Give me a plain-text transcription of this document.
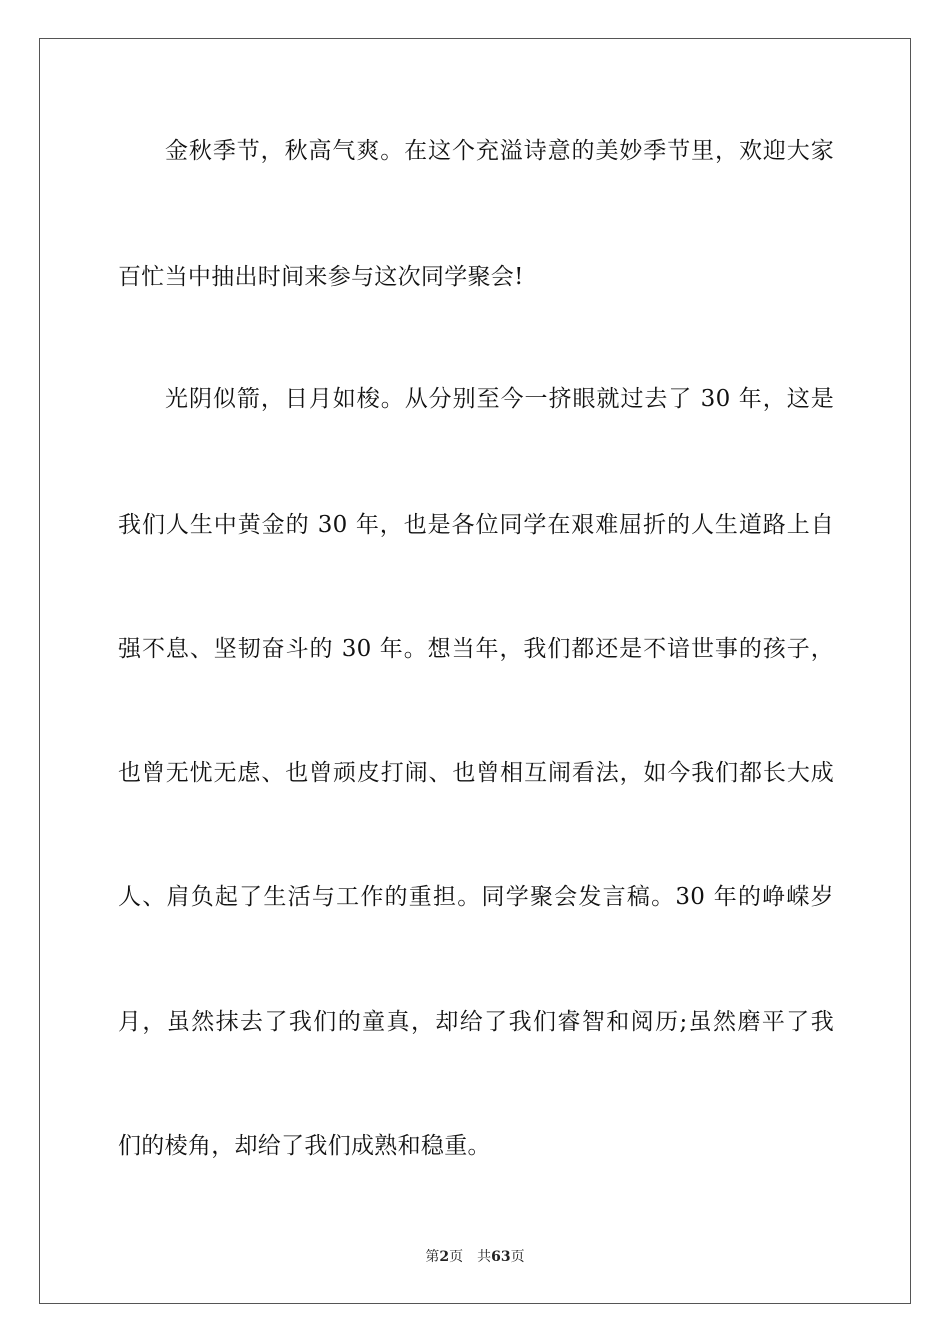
金秋季节，秋高气爽。在这个充溢诗意的美妙季节里，欢迎大家
百忙当中抽出时间来参与这次同学聚会!
光阴似箭，日月如梭。从分别至今一挤眼就过去了 30 年，这是
我们人生中黄金的 30 年，也是各位同学在艰难屈折的人生道路上自
强不息、坚韧奋斗的 30 年。想当年，我们都还是不谙世事的孩子，
也曾无忧无虑、也曾顽皮打闹、也曾相互闹看法，如今我们都长大成
人、肩负起了生活与工作的重担。同学聚会发言稿。30 年的峥嵘岁
月，虽然抹去了我们的童真，却给了我们睿智和阅历;虽然磨平了我
们的棱角，却给了我们成熟和稳重。
第2页 共63页
